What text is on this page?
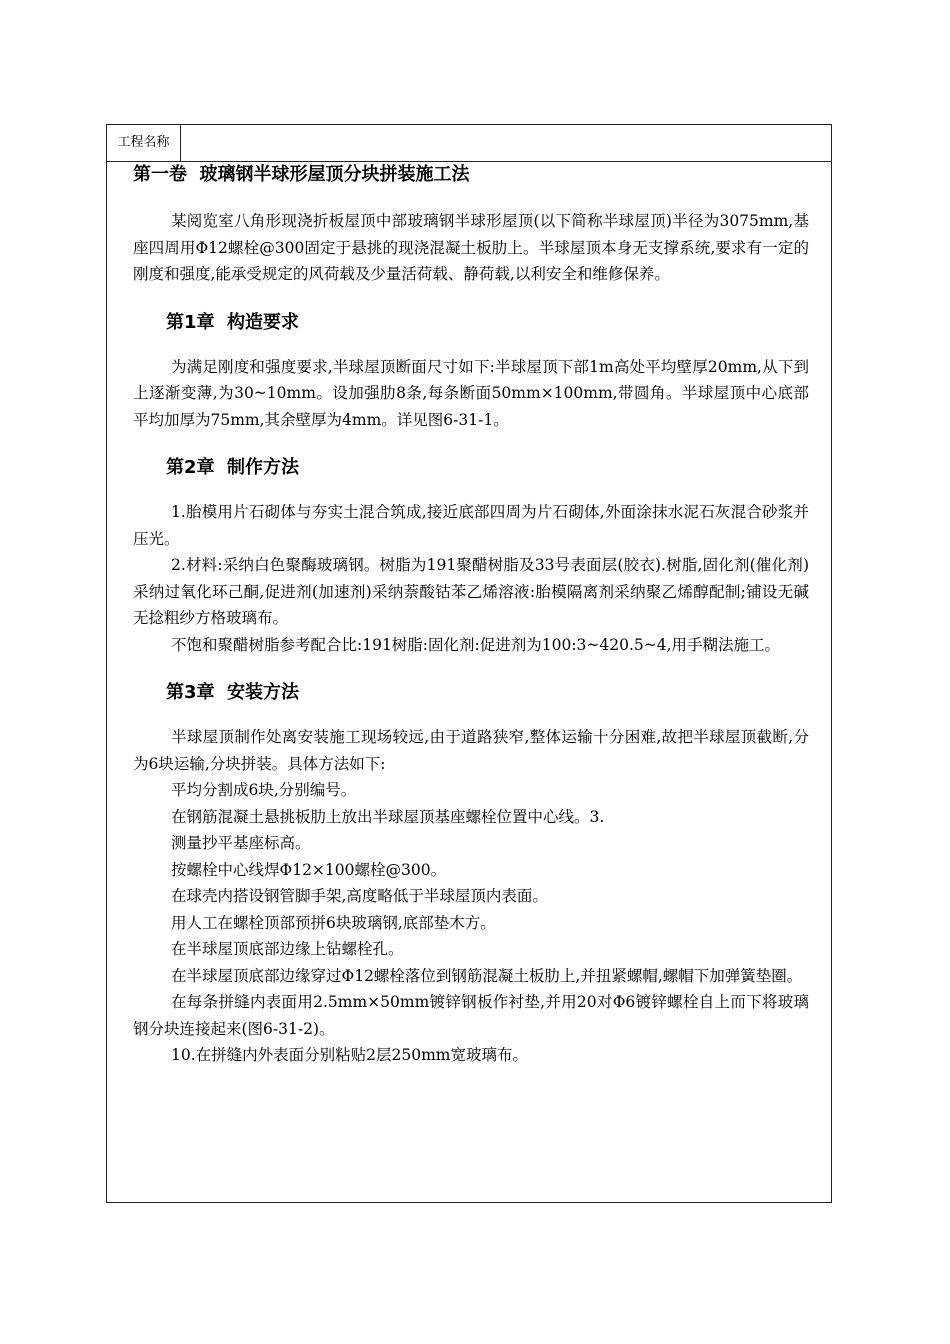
工程名称
第一卷  玻璃钢半球形屋顶分块拼装施工法

某阅览室八角形现浇折板屋顶中部玻璃钢半球形屋顶(以下简称半球屋顶)半径为3075mm,基座四周用Φ12螺栓@300固定于悬挑的现浇混凝土板肋上。半球屋顶本身无支撑系统,要求有一定的刚度和强度,能承受规定的风荷载及少量活荷载、静荷载,以利安全和维修保养。

第1章  构造要求

为满足刚度和强度要求,半球屋顶断面尺寸如下:半球屋顶下部1m高处平均壁厚20mm,从下到上逐渐变薄,为30~10mm。设加强肋8条,每条断面50mm×100mm,带圆角。半球屋顶中心底部平均加厚为75mm,其余壁厚为4mm。详见图6-31-1。

第2章  制作方法

1.胎模用片石砌体与夯实土混合筑成,接近底部四周为片石砌体,外面涂抹水泥石灰混合砂浆并压光。

2.材料:采纳白色聚酶玻璃钢。树脂为191聚醋树脂及33号表面层(胶衣).树脂,固化剂(催化剂)采纳过氧化环己酮,促进剂(加速剂)采纳萘酸钴苯乙烯溶液:胎模隔离剂采纳聚乙烯醇配制;铺设无碱无捻粗纱方格玻璃布。

不饱和聚醋树脂参考配合比:191树脂:固化剂:促进剂为100:3~420.5~4,用手糊法施工。

第3章  安装方法

半球屋顶制作处离安装施工现场较远,由于道路狭窄,整体运输十分困难,故把半球屋顶截断,分为6块运输,分块拼装。具体方法如下:

平均分割成6块,分别编号。

在钢筋混凝土悬挑板肋上放出半球屋顶基座螺栓位置中心线。3.

测量抄平基座标高。

按螺栓中心线焊Φ12×100螺栓@300。

在球壳内搭设钢管脚手架,高度略低于半球屋顶内表面。

用人工在螺栓顶部预拼6块玻璃钢,底部垫木方。

在半球屋顶底部边缘上钻螺栓孔。

在半球屋顶底部边缘穿过Φ12螺栓落位到钢筋混凝土板肋上,并扭紧螺帽,螺帽下加弹簧垫圈。

在每条拼缝内表面用2.5mm×50mm镀锌钢板作衬垫,并用20对Φ6镀锌螺栓自上而下将玻璃钢分块连接起来(图6-31-2)。

10.在拼缝内外表面分别粘贴2层250mm宽玻璃布。
